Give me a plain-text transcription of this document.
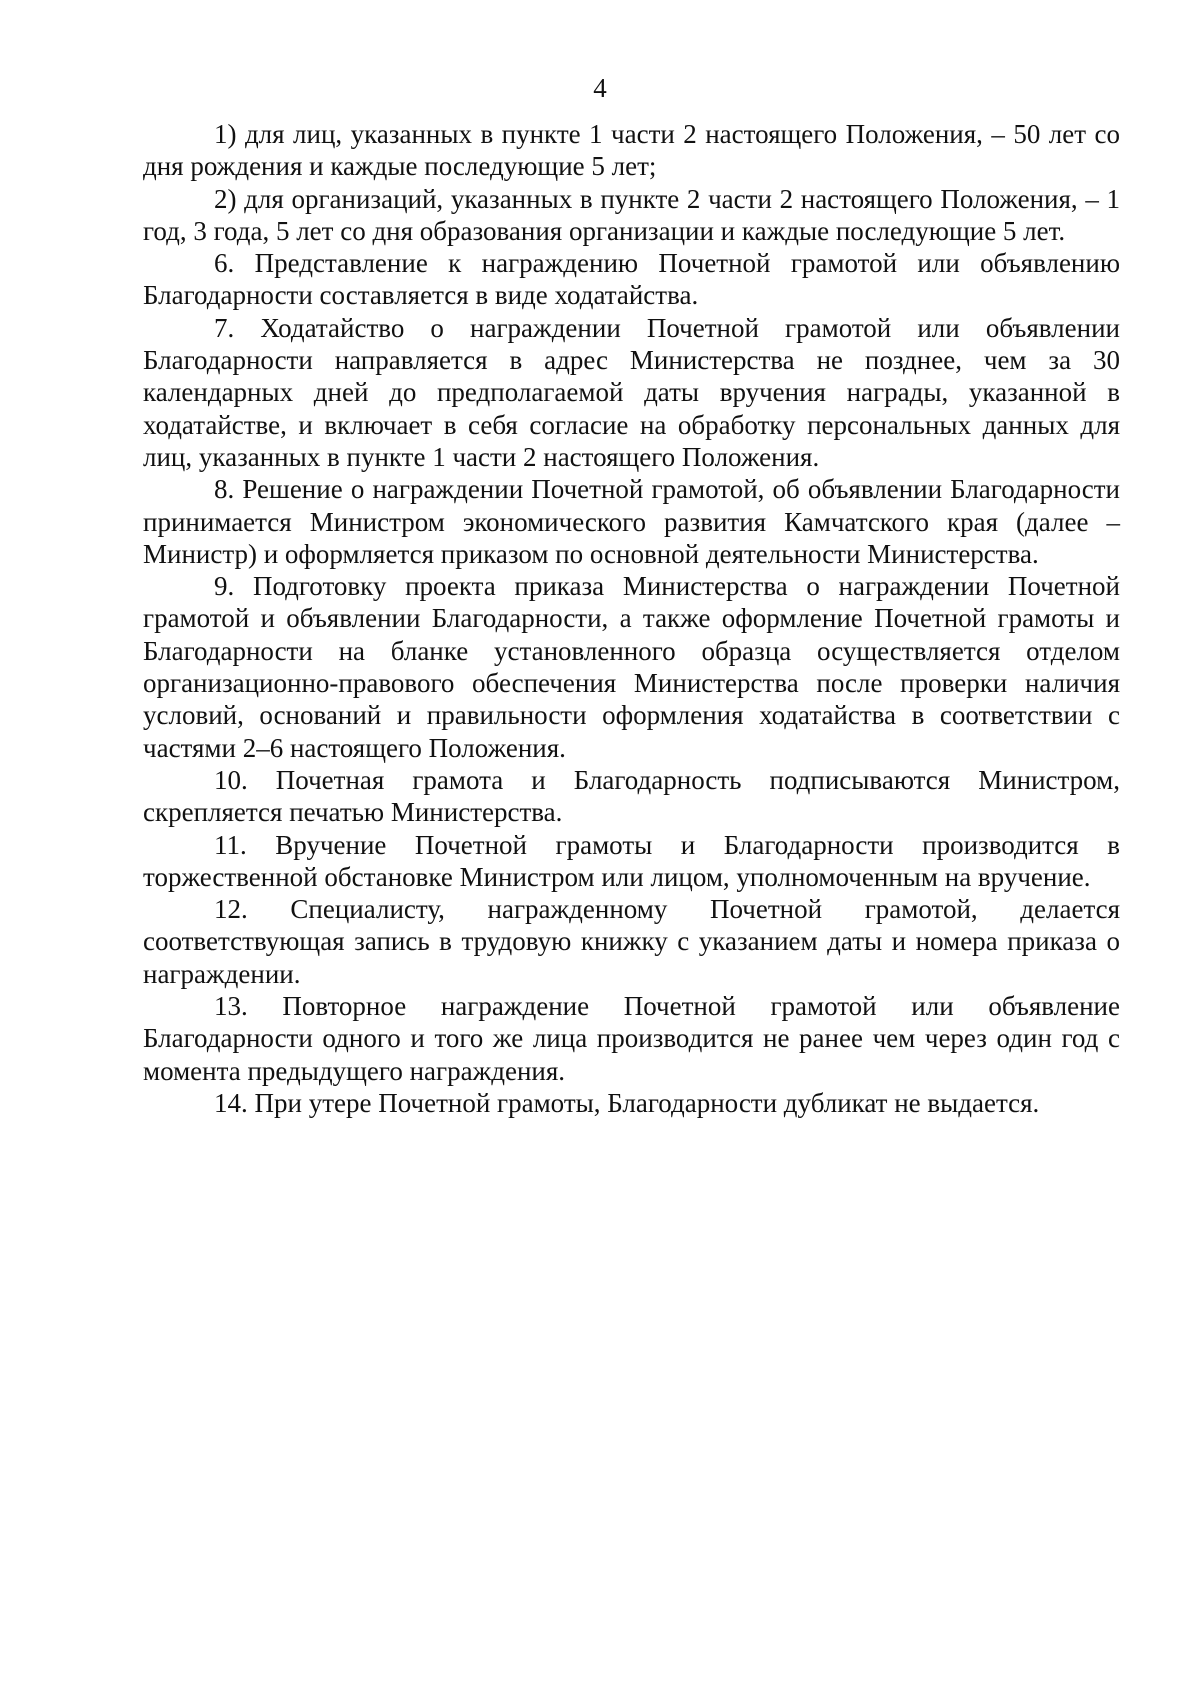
4

1) для лиц, указанных в пункте 1 части 2 настоящего Положения, – 50 лет со дня рождения и каждые последующие 5 лет;

2) для организаций, указанных в пункте 2 части 2 настоящего Положения, – 1 год, 3 года, 5 лет со дня образования организации и каждые последующие 5 лет.

6. Представление к награждению Почетной грамотой или объявлению Благодарности составляется в виде ходатайства.

7. Ходатайство о награждении Почетной грамотой или объявлении Благодарности направляется в адрес Министерства не позднее, чем за 30 календарных дней до предполагаемой даты вручения награды, указанной в ходатайстве, и включает в себя согласие на обработку персональных данных для лиц, указанных в пункте 1 части 2 настоящего Положения.

8. Решение о награждении Почетной грамотой, об объявлении Благодарности принимается Министром экономического развития Камчатского края (далее – Министр) и оформляется приказом по основной деятельности Министерства.

9. Подготовку проекта приказа Министерства о награждении Почетной грамотой и объявлении Благодарности, а также оформление Почетной грамоты и Благодарности на бланке установленного образца осуществляется отделом организационно-правового обеспечения Министерства после проверки наличия условий, оснований и правильности оформления ходатайства в соответствии с частями 2–6 настоящего Положения.

10. Почетная грамота и Благодарность подписываются Министром, скрепляется печатью Министерства.

11. Вручение Почетной грамоты и Благодарности производится в торжественной обстановке Министром или лицом, уполномоченным на вручение.

12. Специалисту, награжденному Почетной грамотой, делается соответствующая запись в трудовую книжку с указанием даты и номера приказа о награждении.

13. Повторное награждение Почетной грамотой или объявление Благодарности одного и того же лица производится не ранее чем через один год с момента предыдущего награждения.

14. При утере Почетной грамоты, Благодарности дубликат не выдается.
